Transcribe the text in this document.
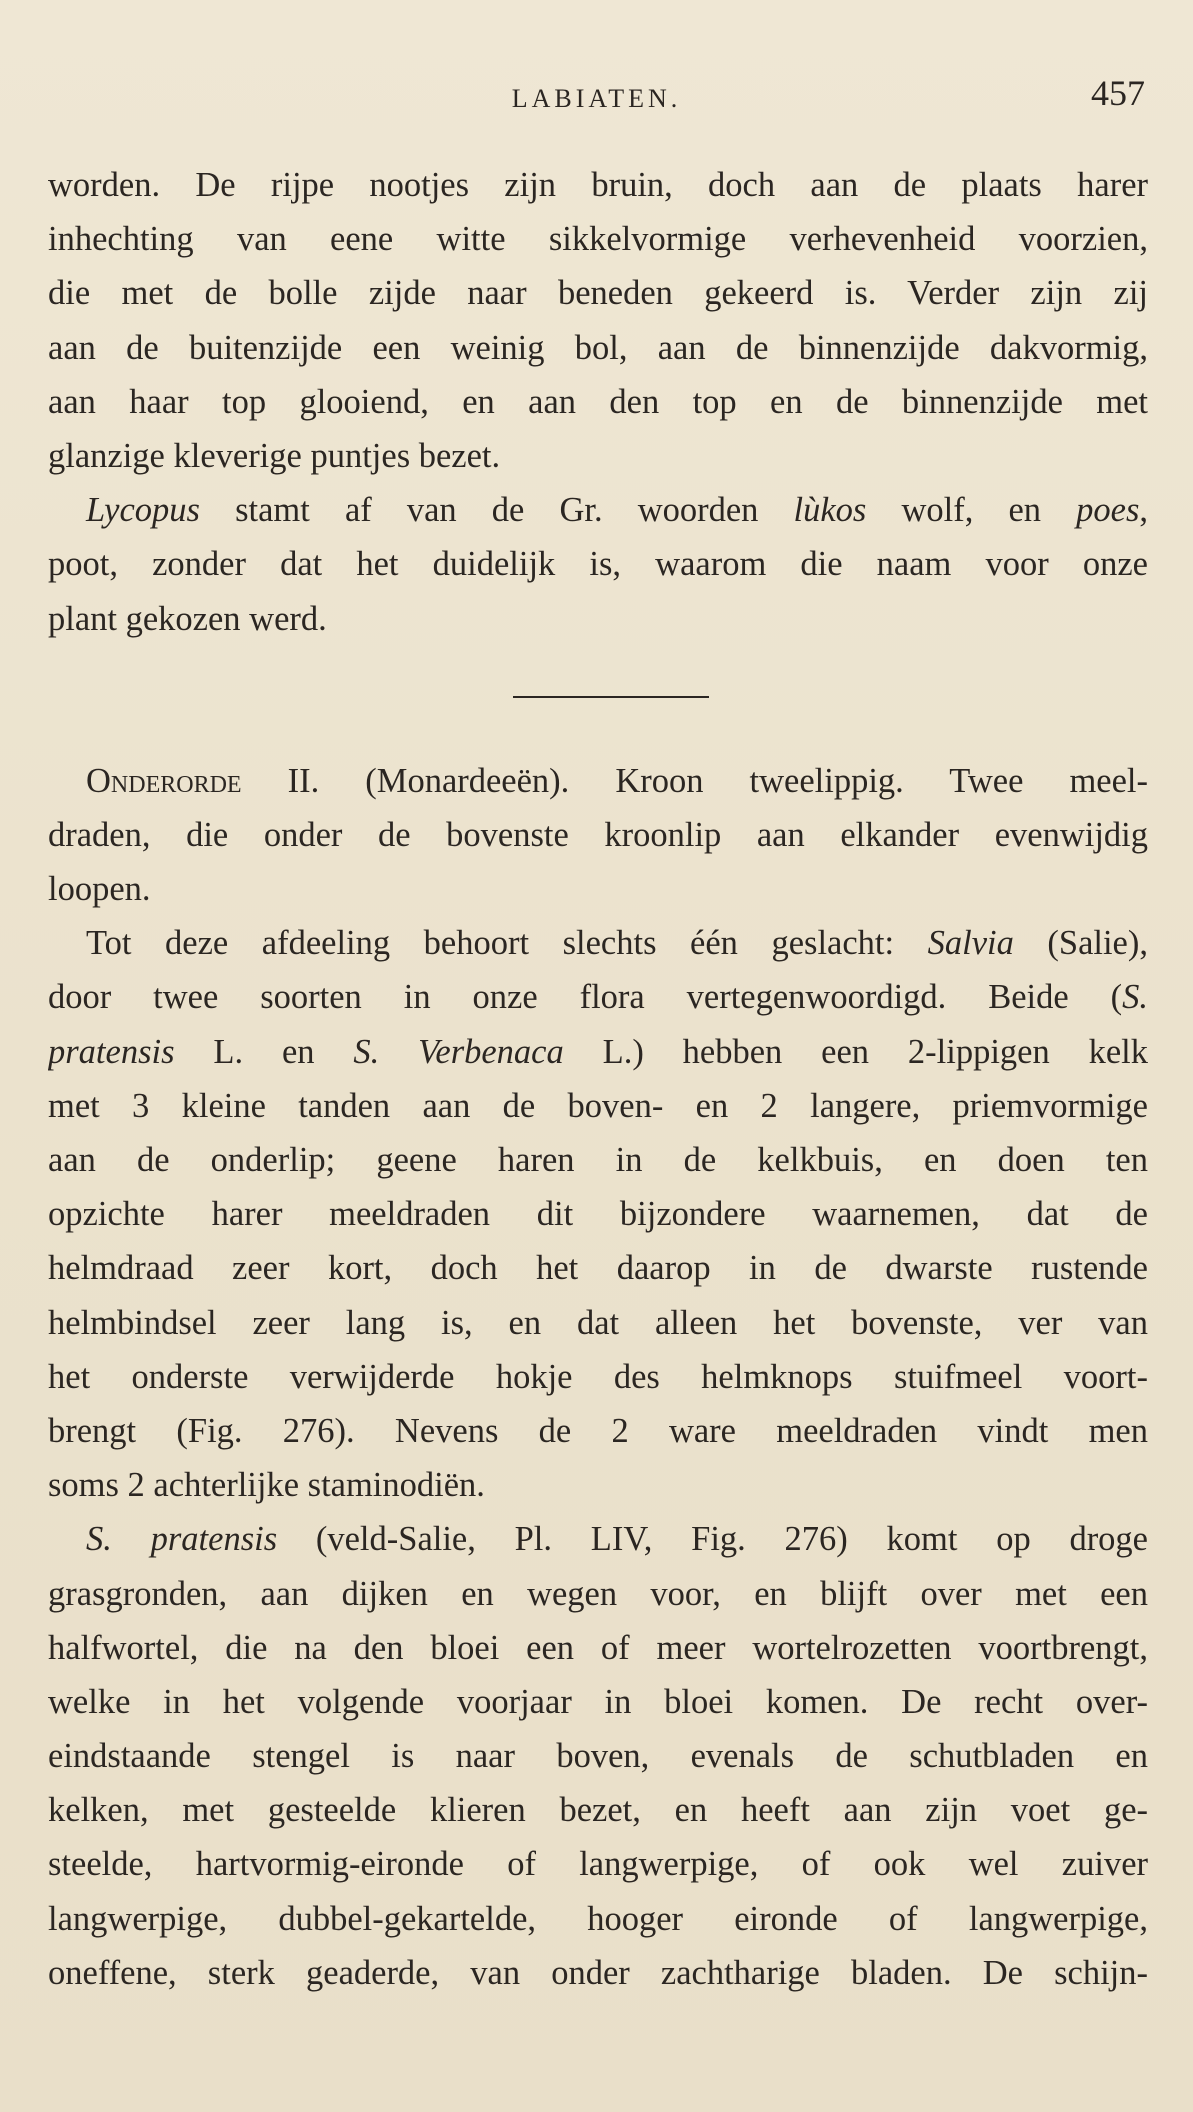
LABIATEN.	457
worden. De rijpe nootjes zijn bruin, doch aan de plaats harer
inhechting van eene witte sikkelvormige verhevenheid voorzien,
die met de bolle zijde naar beneden gekeerd is. Verder zijn zij
aan de buitenzijde een weinig bol, aan de binnenzijde dakvormig,
aan haar top glooiend, en aan den top en de binnenzijde met
glanzige kleverige puntjes bezet.
Lycopus stamt af van de Gr. woorden lùkos wolf, en poes,
poot, zonder dat het duidelijk is, waarom die naam voor onze
plant gekozen werd.
Onderorde II. (Monardeeën). Kroon tweelippig. Twee meel-
draden, die onder de bovenste kroonlip aan elkander evenwijdig
loopen.
Tot deze afdeeling behoort slechts één geslacht: Salvia (Salie),
door twee soorten in onze flora vertegenwoordigd. Beide (S.
pratensis L. en S. Verbenaca L.) hebben een 2-lippigen kelk
met 3 kleine tanden aan de boven- en 2 langere, priemvormige
aan de onderlip; geene haren in de kelkbuis, en doen ten
opzichte harer meeldraden dit bijzondere waarnemen, dat de
helmdraad zeer kort, doch het daarop in de dwarste rustende
helmbindsel zeer lang is, en dat alleen het bovenste, ver van
het onderste verwijderde hokje des helmknops stuifmeel voort-
brengt (Fig. 276). Nevens de 2 ware meeldraden vindt men
soms 2 achterlijke staminodiën.
S. pratensis (veld-Salie, Pl. LIV, Fig. 276) komt op droge
grasgronden, aan dijken en wegen voor, en blijft over met een
halfwortel, die na den bloei een of meer wortelrozetten voortbrengt,
welke in het volgende voorjaar in bloei komen. De recht over-
eindstaande stengel is naar boven, evenals de schutbladen en
kelken, met gesteelde klieren bezet, en heeft aan zijn voet ge-
steelde, hartvormig-eironde of langwerpige, of ook wel zuiver
langwerpige, dubbel-gekartelde, hooger eironde of langwerpige,
oneffene, sterk geaderde, van onder zachtharige bladen. De schijn-
